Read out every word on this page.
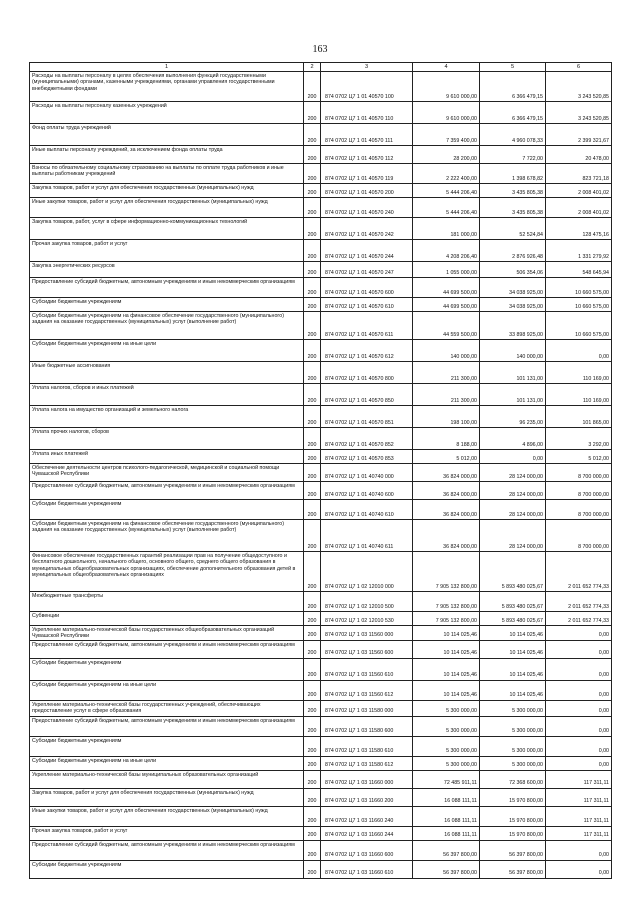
163
1	2	3	4	5	6
Расходы на выплаты персоналу в целях обеспечения выполнения функций государственными (муниципальными) органами, казенными учреждениями, органами управления государственными внебюджетными фондами	200	874 0702 Ц7 1 01 40570 100	9 610 000,00	6 366 479,15	3 243 520,85
Расходы на выплаты персоналу казенных учреждений	200	874 0702 Ц7 1 01 40570 110	9 610 000,00	6 366 479,15	3 243 520,85
Фонд оплаты труда учреждений	200	874 0702 Ц7 1 01 40570 111	7 359 400,00	4 960 078,33	2 399 321,67
Иные выплаты персоналу учреждений, за исключением фонда оплаты труда	200	874 0702 Ц7 1 01 40570 112	28 200,00	7 722,00	20 478,00
Взносы по обязательному социальному страхованию на выплаты по оплате труда работников и иные выплаты работникам учреждений	200	874 0702 Ц7 1 01 40570 119	2 222 400,00	1 398 678,82	823 721,18
Закупка товаров, работ и услуг для обеспечения государственных (муниципальных) нужд	200	874 0702 Ц7 1 01 40570 200	5 444 206,40	3 435 805,38	2 008 401,02
Иные закупки товаров, работ и услуг для обеспечения государственных (муниципальных) нужд	200	874 0702 Ц7 1 01 40570 240	5 444 206,40	3 435 805,38	2 008 401,02
Закупка товаров, работ, услуг в сфере информационно-коммуникационных технологий	200	874 0702 Ц7 1 01 40570 242	181 000,00	52 524,84	128 475,16
Прочая закупка товаров, работ и услуг	200	874 0702 Ц7 1 01 40570 244	4 208 206,40	2 876 926,48	1 331 279,92
Закупка энергетических ресурсов	200	874 0702 Ц7 1 01 40570 247	1 055 000,00	506 354,06	548 645,94
Предоставление субсидий бюджетным, автономным учреждениям и иным некоммерческим организациям	200	874 0702 Ц7 1 01 40570 600	44 699 500,00	34 038 925,00	10 660 575,00
Субсидии бюджетным учреждениям	200	874 0702 Ц7 1 01 40570 610	44 699 500,00	34 038 925,00	10 660 575,00
Субсидии бюджетным учреждениям на финансовое обеспечение государственного (муниципального) задания на оказание государственных (муниципальных) услуг (выполнение работ)	200	874 0702 Ц7 1 01 40570 611	44 559 500,00	33 898 925,00	10 660 575,00
Субсидии бюджетным учреждениям на иные цели	200	874 0702 Ц7 1 01 40570 612	140 000,00	140 000,00	0,00
Иные бюджетные ассигнования	200	874 0702 Ц7 1 01 40570 800	211 300,00	101 131,00	110 169,00
Уплата налогов, сборов и иных платежей	200	874 0702 Ц7 1 01 40570 850	211 300,00	101 131,00	110 169,00
Уплата налога на имущество организаций и земельного налога	200	874 0702 Ц7 1 01 40570 851	198 100,00	96 235,00	101 865,00
Уплата прочих налогов, сборов	200	874 0702 Ц7 1 01 40570 852	8 188,00	4 896,00	3 292,00
Уплата иных платежей	200	874 0702 Ц7 1 01 40570 853	5 012,00	0,00	5 012,00
Обеспечение деятельности центров психолого-педагогической, медицинской и социальной помощи Чувашской Республики	200	874 0702 Ц7 1 01 40740 000	36 824 000,00	28 124 000,00	8 700 000,00
Предоставление субсидий бюджетным, автономным учреждениям и иным некоммерческим организациям	200	874 0702 Ц7 1 01 40740 600	36 824 000,00	28 124 000,00	8 700 000,00
Субсидии бюджетным учреждениям	200	874 0702 Ц7 1 01 40740 610	36 824 000,00	28 124 000,00	8 700 000,00
Субсидии бюджетным учреждениям на финансовое обеспечение государственного (муниципального) задания на оказание государственных (муниципальных) услуг (выполнение работ)	200	874 0702 Ц7 1 01 40740 611	36 824 000,00	28 124 000,00	8 700 000,00
Финансовое обеспечение государственных гарантий реализации прав на получение общедоступного и бесплатного дошкольного, начального общего, основного общего, среднего общего образования в муниципальных общеобразовательных организациях, обеспечение дополнительного образования детей в муниципальных общеобразовательных организациях	200	874 0702 Ц7 1 02 12010 000	7 905 132 800,00	5 893 480 025,67	2 011 652 774,33
Межбюджетные трансферты	200	874 0702 Ц7 1 02 12010 500	7 905 132 800,00	5 893 480 025,67	2 011 652 774,33
Субвенции	200	874 0702 Ц7 1 02 12010 530	7 905 132 800,00	5 893 480 025,67	2 011 652 774,33
Укрепление материально-технической базы государственных общеобразовательных организаций Чувашской Республики	200	874 0702 Ц7 1 03 11560 000	10 114 025,46	10 114 025,46	0,00
Предоставление субсидий бюджетным, автономным учреждениям и иным некоммерческим организациям	200	874 0702 Ц7 1 03 11560 600	10 114 025,46	10 114 025,46	0,00
Субсидии бюджетным учреждениям	200	874 0702 Ц7 1 03 11560 610	10 114 025,46	10 114 025,46	0,00
Субсидии бюджетным учреждениям на иные цели	200	874 0702 Ц7 1 03 11560 612	10 114 025,46	10 114 025,46	0,00
Укрепление материально-технической базы государственных учреждений, обеспечивающих предоставление услуг в сфере образования	200	874 0702 Ц7 1 03 11580 000	5 300 000,00	5 300 000,00	0,00
Предоставление субсидий бюджетным, автономным учреждениям и иным некоммерческим организациям	200	874 0702 Ц7 1 03 11580 600	5 300 000,00	5 300 000,00	0,00
Субсидии бюджетным учреждениям	200	874 0702 Ц7 1 03 11580 610	5 300 000,00	5 300 000,00	0,00
Субсидии бюджетным учреждениям на иные цели	200	874 0702 Ц7 1 03 11580 612	5 300 000,00	5 300 000,00	0,00
Укрепление материально-технической базы муниципальных образовательных организаций	200	874 0702 Ц7 1 03 11660 000	72 485 911,11	72 368 600,00	117 311,11
Закупка товаров, работ и услуг для обеспечения государственных (муниципальных) нужд	200	874 0702 Ц7 1 03 11660 200	16 088 111,11	15 970 800,00	117 311,11
Иные закупки товаров, работ и услуг для обеспечения государственных (муниципальных) нужд	200	874 0702 Ц7 1 03 11660 240	16 088 111,11	15 970 800,00	117 311,11
Прочая закупка товаров, работ и услуг	200	874 0702 Ц7 1 03 11660 244	16 088 111,11	15 970 800,00	117 311,11
Предоставление субсидий бюджетным, автономным учреждениям и иным некоммерческим организациям	200	874 0702 Ц7 1 03 11660 600	56 397 800,00	56 397 800,00	0,00
Субсидии бюджетным учреждениям	200	874 0702 Ц7 1 03 11660 610	56 397 800,00	56 397 800,00	0,00
